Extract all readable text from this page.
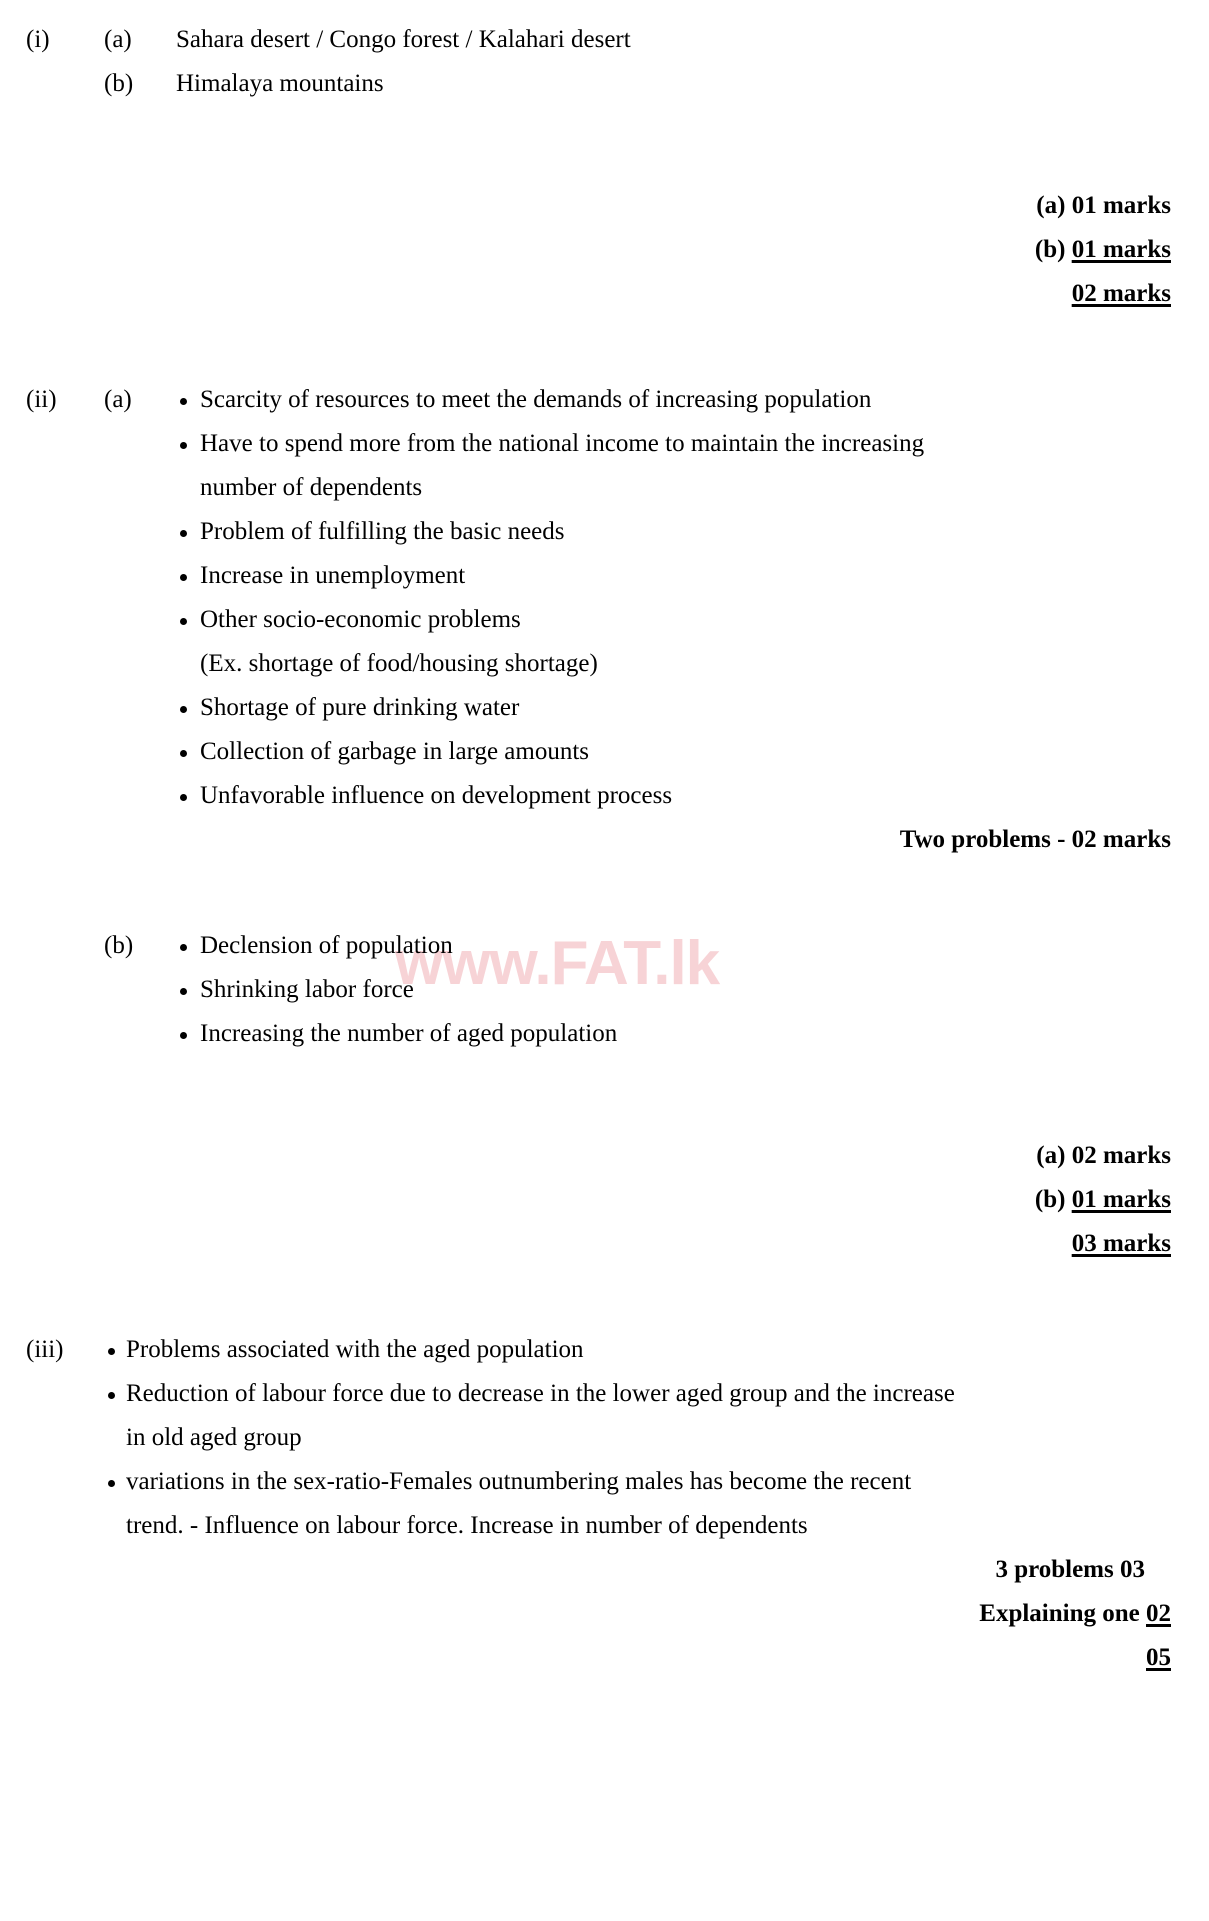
www.FAT.lk
(i)	(a)	Sahara desert / Congo forest / Kalahari desert
(b)	Himalaya mountains
(a) 01 marks
(b) 01 marks
02 marks
(ii)	(a)	Scarcity of resources to meet the demands of increasing population
Have to spend more from the national income to maintain the increasing
number of dependents
Problem of fulfilling the basic needs
Increase in unemployment
Other socio-economic problems
(Ex. shortage of food/housing shortage)
Shortage of pure drinking water
Collection of garbage in large amounts
Unfavorable influence on development process
Two problems - 02 marks
(b)	Declension of population
Shrinking labor force
Increasing the number of aged population
(a) 02 marks
(b) 01 marks
03 marks
(iii)	Problems associated with the aged population
Reduction of labour force due to decrease in the lower aged group and the increase
in old aged group
variations in the sex-ratio-Females outnumbering males has become the recent
trend. - Influence on labour force. Increase in number of dependents
3 problems 03
Explaining one 02
05
